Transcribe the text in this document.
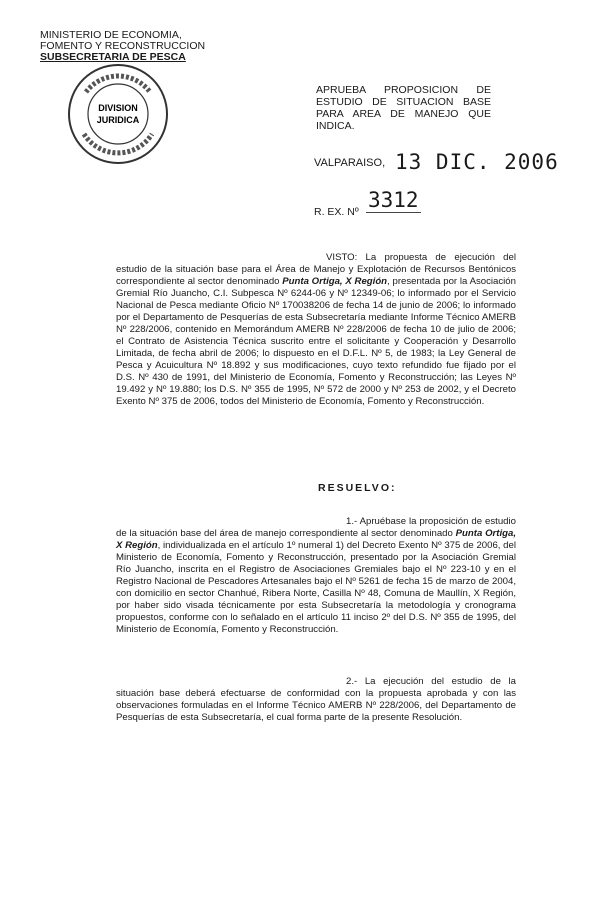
MINISTERIO DE ECONOMIA,
FOMENTO Y RECONSTRUCCION
SUBSECRETARIA DE PESCA
DIVISION
JURIDICA
APRUEBA PROPOSICION DE ESTUDIO DE SITUACION BASE PARA AREA DE MANEJO QUE INDICA.
VALPARAISO, 13 DIC. 2006
R. EX. Nº 3312
VISTO: La propuesta de ejecución del estudio de la situación base para el Área de Manejo y Explotación de Recursos Bentónicos correspondiente al sector denominado Punta Ortiga, X Región, presentada por la Asociación Gremial Río Juancho, C.I. Subpesca Nº 6244-06 y Nº 12349-06; lo informado por el Servicio Nacional de Pesca mediante Oficio Nº 170038206 de fecha 14 de junio de 2006; lo informado por el Departamento de Pesquerías de esta Subsecretaría mediante Informe Técnico AMERB Nº 228/2006, contenido en Memorándum AMERB Nº 228/2006 de fecha 10 de julio de 2006; el Contrato de Asistencia Técnica suscrito entre el solicitante y Cooperación y Desarrollo Limitada, de fecha abril de 2006; lo dispuesto en el D.F.L. Nº 5, de 1983; la Ley General de Pesca y Acuicultura Nº 18.892 y sus modificaciones, cuyo texto refundido fue fijado por el D.S. Nº 430 de 1991, del Ministerio de Economía, Fomento y Reconstrucción; las Leyes Nº 19.492 y Nº 19.880; los D.S. Nº 355 de 1995, Nº 572 de 2000 y Nº 253 de 2002, y el Decreto Exento Nº 375 de 2006, todos del Ministerio de Economía, Fomento y Reconstrucción.
RESUELVO:
1.- Apruébase la proposición de estudio de la situación base del área de manejo correspondiente al sector denominado Punta Ortiga, X Región, individualizada en el artículo 1º numeral 1) del Decreto Exento Nº 375 de 2006, del Ministerio de Economía, Fomento y Reconstrucción, presentado por la Asociación Gremial Río Juancho, inscrita en el Registro de Asociaciones Gremiales bajo el Nº 223-10 y en el Registro Nacional de Pescadores Artesanales bajo el Nº 5261 de fecha 15 de marzo de 2004, con domicilio en sector Chanhué, Ribera Norte, Casilla Nº 48, Comuna de Maullín, X Región, por haber sido visada técnicamente por esta Subsecretaría la metodología y cronograma propuestos, conforme con lo señalado en el artículo 11 inciso 2º del D.S. Nº 355 de 1995, del Ministerio de Economía, Fomento y Reconstrucción.
2.- La ejecución del estudio de la situación base deberá efectuarse de conformidad con la propuesta aprobada y con las observaciones formuladas en el Informe Técnico AMERB Nº 228/2006, del Departamento de Pesquerías de esta Subsecretaría, el cual forma parte de la presente Resolución.
